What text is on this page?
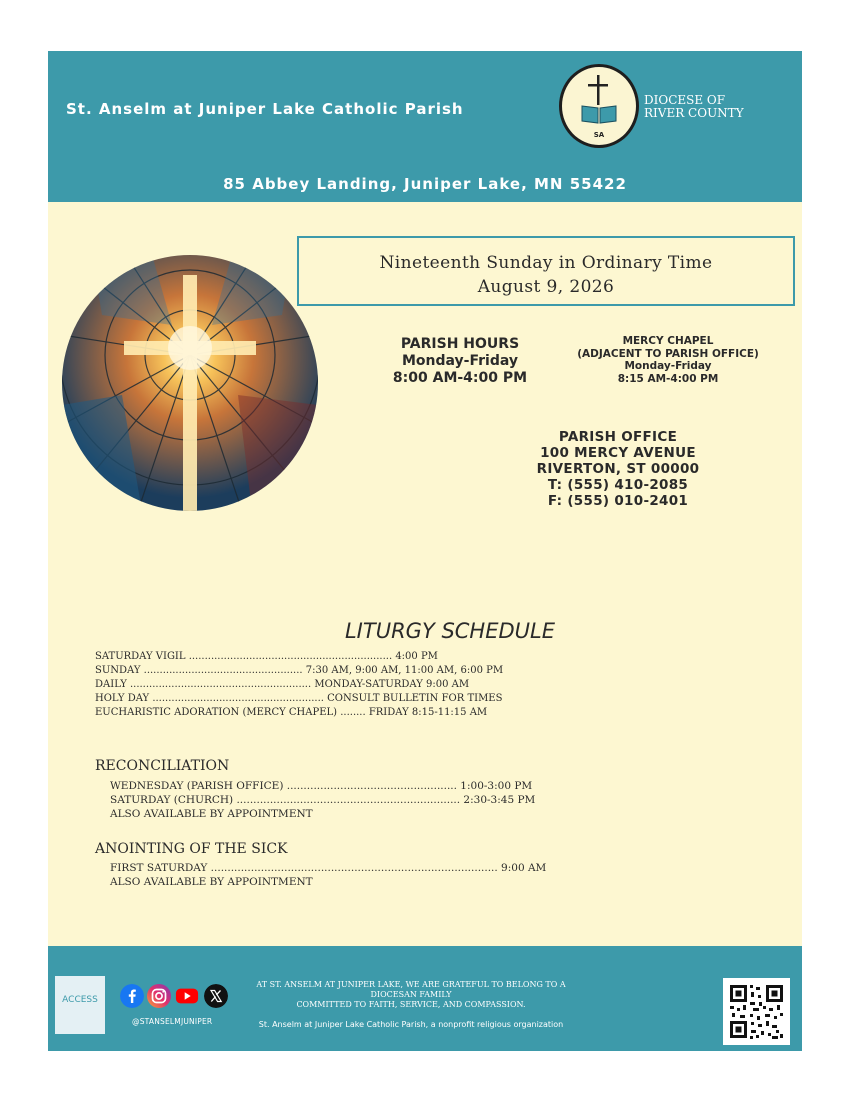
St. Anselm at Juniper Lake Catholic Parish
SA
DIOCESE OF
RIVER COUNTY
85 Abbey Landing, Juniper Lake, MN 55422
Nineteenth Sunday in Ordinary Time
August 9, 2026
PARISH HOURS
Monday-Friday
8:00 AM-4:00 PM
MERCY CHAPEL
(ADJACENT TO PARISH OFFICE)
Monday-Friday
8:15 AM-4:00 PM
PARISH OFFICE
100 MERCY AVENUE
RIVERTON, ST 00000
T: (555) 410-2085
F: (555) 010-2401
LITURGY SCHEDULE
SATURDAY VIGIL ................................................................ 4:00 PM
SUNDAY .................................................. 7:30 AM, 9:00 AM, 11:00 AM, 6:00 PM
DAILY ......................................................... MONDAY-SATURDAY 9:00 AM
HOLY DAY ...................................................... CONSULT BULLETIN FOR TIMES
EUCHARISTIC ADORATION (MERCY CHAPEL) ........ FRIDAY 8:15-11:15 AM
RECONCILIATION
WEDNESDAY (PARISH OFFICE) ................................................... 1:00-3:00 PM
SATURDAY (CHURCH) ................................................................... 2:30-3:45 PM
ALSO AVAILABLE BY APPOINTMENT
ANOINTING OF THE SICK
FIRST SATURDAY ...................................................................................... 9:00 AM
ALSO AVAILABLE BY APPOINTMENT
ACCESS
@STANSELMJUNIPER
AT ST. ANSELM AT JUNIPER LAKE, WE ARE GRATEFUL TO BELONG TO A DIOCESAN FAMILY
COMMITTED TO FAITH, SERVICE, AND COMPASSION.
St. Anselm at Juniper Lake Catholic Parish, a nonprofit religious organization
